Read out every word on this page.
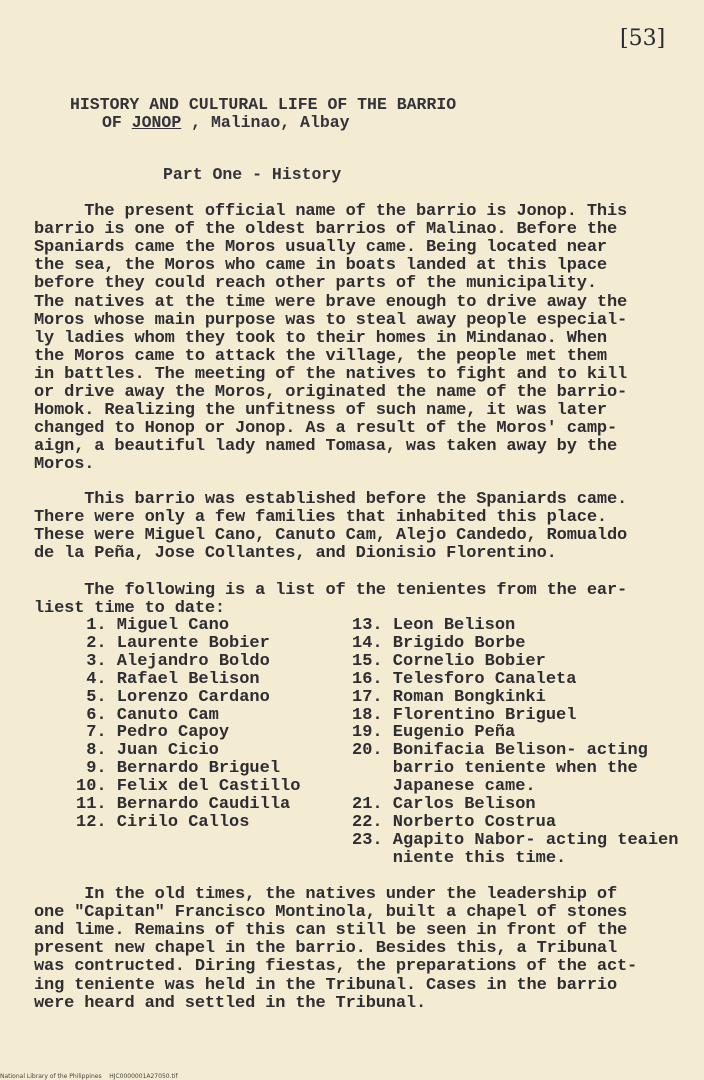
[53]
HISTORY AND CULTURAL LIFE OF THE BARRIO
OF JONOP , Malinao, Albay
Part One - History
The present official name of the barrio is Jonop. This
barrio is one of the oldest barrios of Malinao. Before the
Spaniards came the Moros usually came. Being located near
the sea, the Moros who came in boats landed at this lpace
before they could reach other parts of the municipality.
The natives at the time were brave enough to drive away the
Moros whose main purpose was to steal away people especial-
ly ladies whom they took to their homes in Mindanao. When
the Moros came to attack the village, the people met them
in battles. The meeting of the natives to fight and to kill
or drive away the Moros, originated the name of the barrio-
Homok. Realizing the unfitness of such name, it was later
changed to Honop or Jonop. As a result of the Moros' camp-
aign, a beautiful lady named Tomasa, was taken away by the
Moros.
This barrio was established before the Spaniards came.
There were only a few families that inhabited this place.
These were Miguel Cano, Canuto Cam, Alejo Candedo, Romualdo
de la Peña, Jose Collantes, and Dionisio Florentino.
The following is a list of the tenientes from the ear-
liest time to date:
1. Miguel Cano
2. Laurente Bobier
3. Alejandro Boldo
4. Rafael Belison
5. Lorenzo Cardano
6. Canuto Cam
7. Pedro Capoy
8. Juan Cicio
9. Bernardo Briguel
10. Felix del Castillo
11. Bernardo Caudilla
12. Cirilo Callos
13. Leon Belison
14. Brigido Borbe
15. Cornelio Bobier
16. Telesforo Canaleta
17. Roman Bongkinki
18. Florentino Briguel
19. Eugenio Peña
20. Bonifacia Belison- acting
barrio teniente when the
Japanese came.
21. Carlos Belison
22. Norberto Costrua
23. Agapito Nabor- acting teaien
niente this time.
In the old times, the natives under the leadership of
one "Capitan" Francisco Montinola, built a chapel of stones
and lime. Remains of this can still be seen in front of the
present new chapel in the barrio. Besides this, a Tribunal
was contructed. Diring fiestas, the preparations of the act-
ing teniente was held in the Tribunal. Cases in the barrio
were heard and settled in the Tribunal.
National Library of the Philippines    HJC0000001A27050.tif
